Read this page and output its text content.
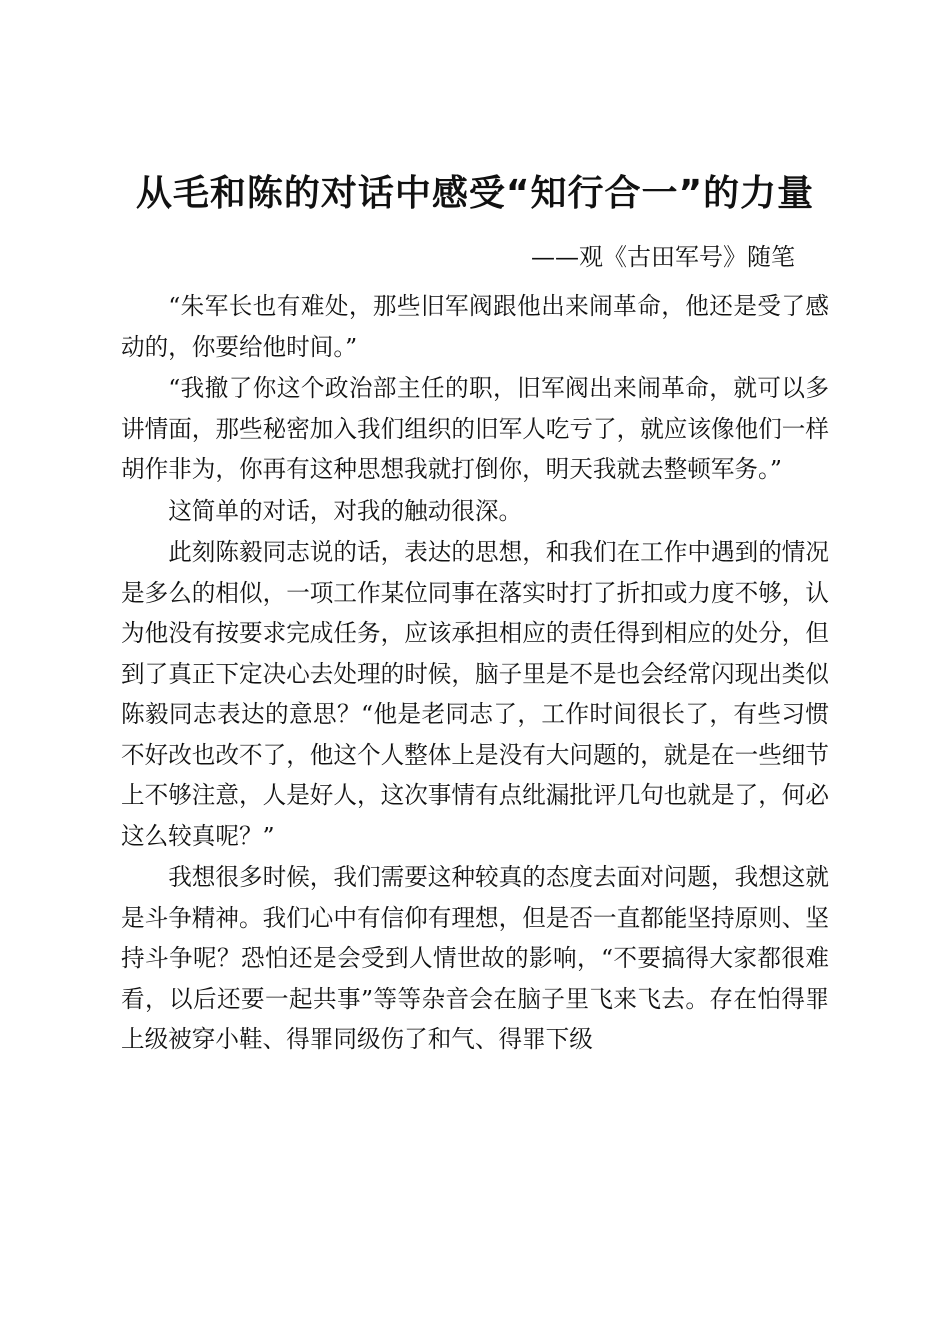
从毛和陈的对话中感受“知行合一”的力量

——观《古田军号》随笔

“朱军长也有难处，那些旧军阀跟他出来闹革命，他还是受了感动的，你要给他时间。”

“我撤了你这个政治部主任的职，旧军阀出来闹革命，就可以多讲情面，那些秘密加入我们组织的旧军人吃亏了，就应该像他们一样胡作非为，你再有这种思想我就打倒你，明天我就去整顿军务。”

这简单的对话，对我的触动很深。

此刻陈毅同志说的话，表达的思想，和我们在工作中遇到的情况是多么的相似，一项工作某位同事在落实时打了折扣或力度不够，认为他没有按要求完成任务，应该承担相应的责任得到相应的处分，但到了真正下定决心去处理的时候，脑子里是不是也会经常闪现出类似陈毅同志表达的意思？“他是老同志了，工作时间很长了，有些习惯不好改也改不了，他这个人整体上是没有大问题的，就是在一些细节上不够注意，人是好人，这次事情有点纰漏批评几句也就是了，何必这么较真呢？”

我想很多时候，我们需要这种较真的态度去面对问题，我想这就是斗争精神。我们心中有信仰有理想，但是否一直都能坚持原则、坚持斗争呢？恐怕还是会受到人情世故的影响，“不要搞得大家都很难看，以后还要一起共事”等等杂音会在脑子里飞来飞去。存在怕得罪上级被穿小鞋、得罪同级伤了和气、得罪下级
